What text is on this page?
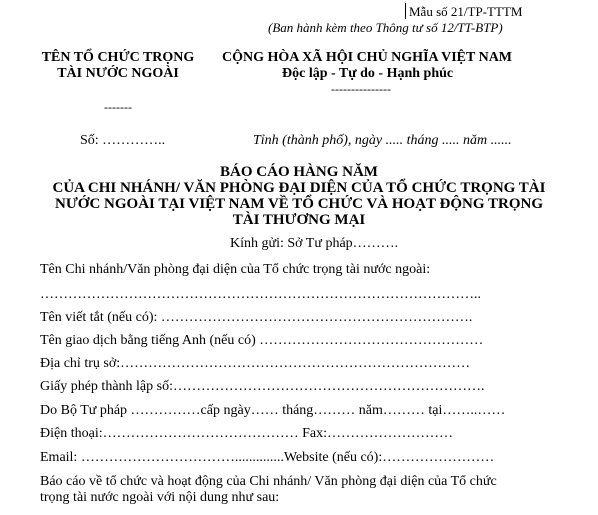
Mẫu số 21/TP-TTTM
(Ban hành kèm theo Thông tư số 12/TT-BTP)
TÊN TỔ CHỨC TRỌNG TÀI NƯỚC NGOÀI
-------
CỘNG HÒA XÃ HỘI CHỦ NGHĨA VIỆT NAM
Độc lập - Tự do - Hạnh phúc
---------------
Số: …………..	Tỉnh (thành phố), ngày ..... tháng ..... năm ......
BÁO CÁO HÀNG NĂM
CỦA CHI NHÁNH/ VĂN PHÒNG ĐẠI DIỆN CỦA TỔ CHỨC TRỌNG TÀI
NƯỚC NGOÀI TẠI VIỆT NAM VỀ TỔ CHỨC VÀ HOẠT ĐỘNG TRỌNG
TÀI THƯƠNG MẠI
Kính gửi: Sở Tư pháp……….
Tên Chi nhánh/Văn phòng đại diện của Tổ chức trọng tài nước ngoài:
…………………………………………………………………………………..
Tên viết tắt (nếu có): ………………………………………………………….
Tên giao dịch bằng tiếng Anh (nếu có) …………………………………………
Địa chỉ trụ sở:…………………………………………………………………
Giấy phép thành lập số:………………………………………………………….
Do Bộ Tư pháp ……………cấp ngày…… tháng……… năm……… tại……..……
Điện thoại:…………………………………… Fax:………………………
Email: ……………………………..............Website (nếu có):……………………
Báo cáo về tổ chức và hoạt động của Chi nhánh/ Văn phòng đại diện của Tổ chức
trọng tài nước ngoài với nội dung như sau:
